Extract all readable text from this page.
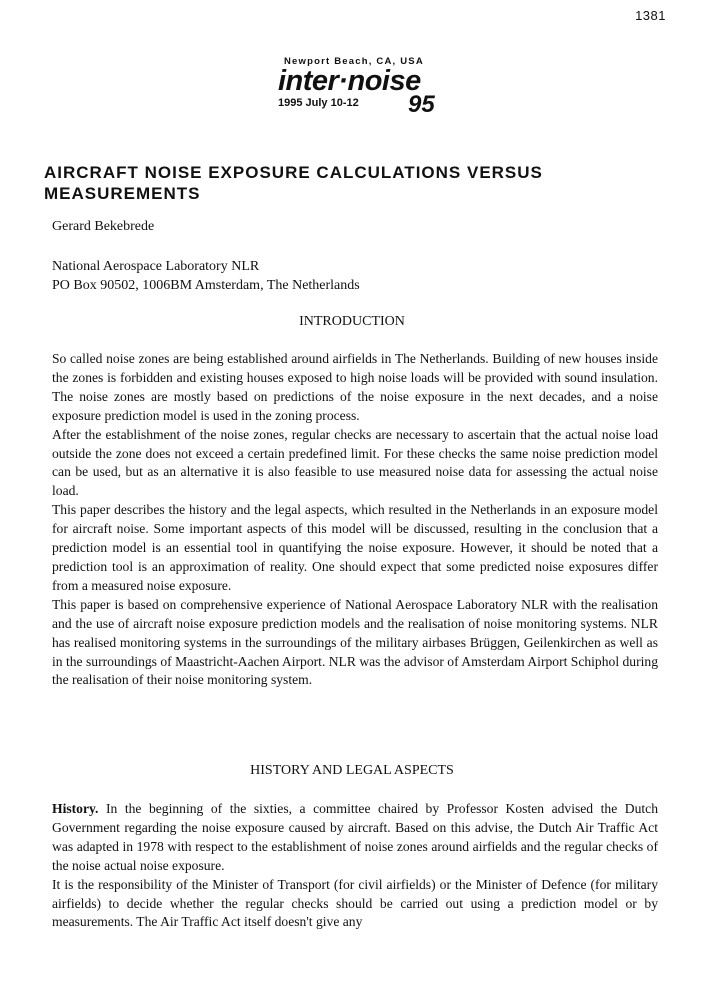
1381
Newport Beach, CA, USA
inter·noise
1995 July 10-12 95
AIRCRAFT NOISE EXPOSURE CALCULATIONS VERSUS MEASUREMENTS
Gerard Bekebrede
National Aerospace Laboratory NLR
PO Box 90502, 1006BM Amsterdam, The Netherlands
INTRODUCTION

So called noise zones are being established around airfields in The Netherlands. Building of new houses inside the zones is forbidden and existing houses exposed to high noise loads will be provided with sound insulation. The noise zones are mostly based on predictions of the noise exposure in the next decades, and a noise exposure prediction model is used in the zoning process.

After the establishment of the noise zones, regular checks are necessary to ascertain that the actual noise load outside the zone does not exceed a certain predefined limit. For these checks the same noise prediction model can be used, but as an alternative it is also feasible to use measured noise data for assessing the actual noise load.

This paper describes the history and the legal aspects, which resulted in the Netherlands in an exposure model for aircraft noise. Some important aspects of this model will be discussed, resulting in the conclusion that a prediction model is an essential tool in quantifying the noise exposure. However, it should be noted that a prediction tool is an approximation of reality. One should expect that some predicted noise exposures differ from a measured noise exposure.

This paper is based on comprehensive experience of National Aerospace Laboratory NLR with the realisation and the use of aircraft noise exposure prediction models and the realisation of noise monitoring systems. NLR has realised monitoring systems in the surroundings of the military airbases Brüggen, Geilenkirchen as well as in the surroundings of Maastricht-Aachen Airport. NLR was the advisor of Amsterdam Airport Schiphol during the realisation of their noise monitoring system.

HISTORY AND LEGAL ASPECTS

History. In the beginning of the sixties, a committee chaired by Professor Kosten advised the Dutch Government regarding the noise exposure caused by aircraft. Based on this advise, the Dutch Air Traffic Act was adapted in 1978 with respect to the establishment of noise zones around airfields and the regular checks of the noise actual noise exposure.

It is the responsibility of the Minister of Transport (for civil airfields) or the Minister of Defence (for military airfields) to decide whether the regular checks should be carried out using a prediction model or by measurements. The Air Traffic Act itself doesn't give any
